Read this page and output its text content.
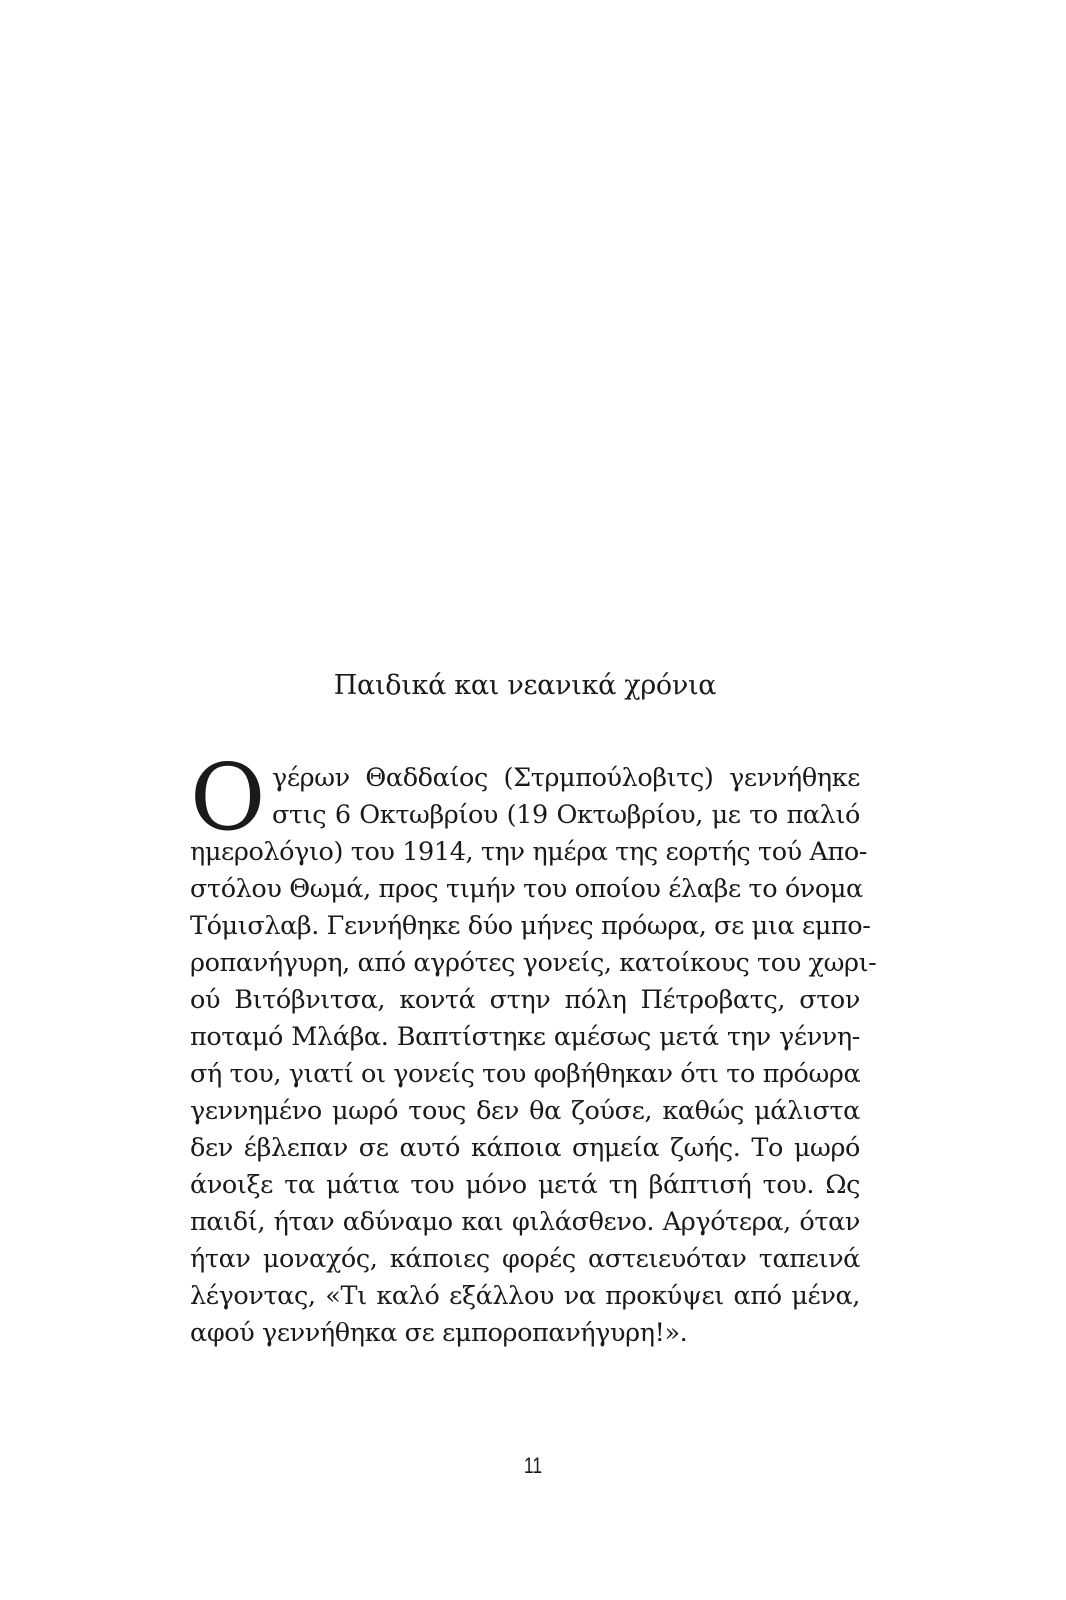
Παιδικά και νεανικά χρόνια
Ο γέρων Θαδδαίος (Στρμπούλοβιτς) γεννήθηκε
στις 6 Οκτωβρίου (19 Οκτωβρίου, με το παλιό
ημερολόγιο) του 1914, την ημέρα της εορτής τού Απο-
στόλου Θωμά, προς τιμήν του οποίου έλαβε το όνομα
Τόμισλαβ. Γεννήθηκε δύο μήνες πρόωρα, σε μια εμπο-
ροπανήγυρη, από αγρότες γονείς, κατοίκους του χωρι-
ού Βιτόβνιτσα, κοντά στην πόλη Πέτροβατς, στον
ποταμό Μλάβα. Βαπτίστηκε αμέσως μετά την γέννη-
σή του, γιατί οι γονείς του φοβήθηκαν ότι το πρόωρα
γεννημένο μωρό τους δεν θα ζούσε, καθώς μάλιστα
δεν έβλεπαν σε αυτό κάποια σημεία ζωής. Το μωρό
άνοιξε τα μάτια του μόνο μετά τη βάπτισή του. Ως
παιδί, ήταν αδύναμο και φιλάσθενο. Αργότερα, όταν
ήταν μοναχός, κάποιες φορές αστειευόταν ταπεινά
λέγοντας, «Τι καλό εξάλλου να προκύψει από μένα,
αφού γεννήθηκα σε εμποροπανήγυρη!».
11
